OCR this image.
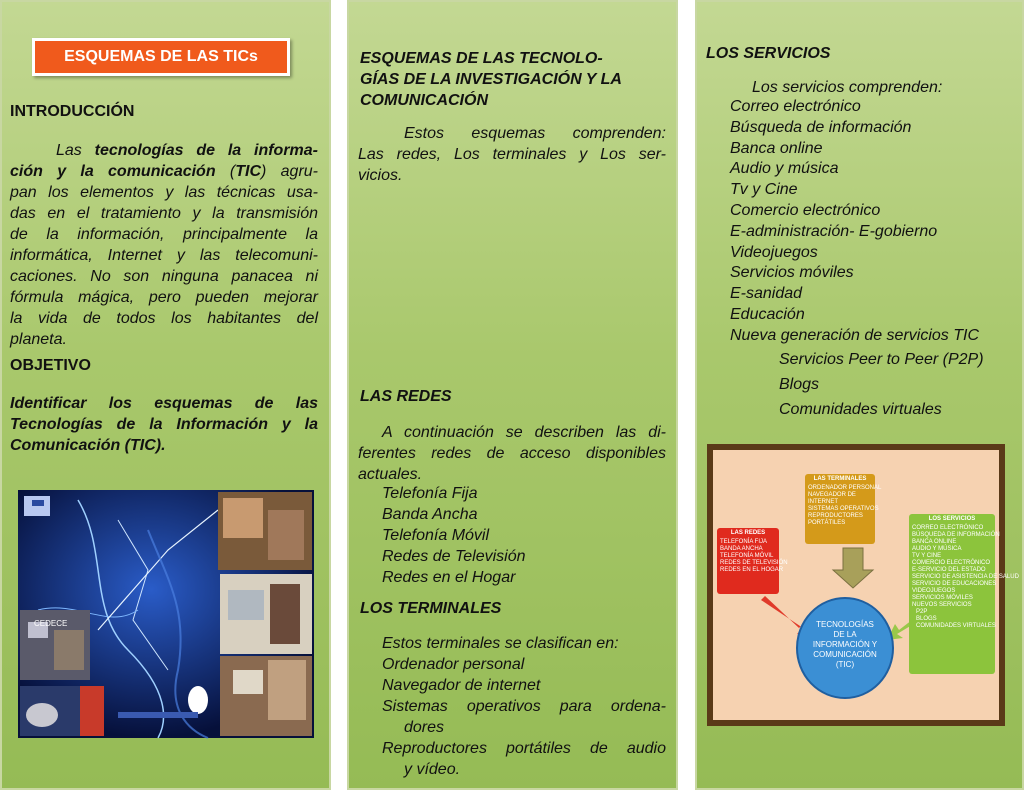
ESQUEMAS DE LAS TICs
INTRODUCCIÓN
Las tecnologías de la informa-
ción y la comunicación (TIC) agru-
pan los elementos y las técnicas usa-
das en el tratamiento y la transmisión
de la información, principalmente la
informática, Internet y las telecomuni-
caciones. No son ninguna panacea ni
fórmula mágica, pero pueden mejorar
la vida de todos los habitantes del
planeta.
OBJETIVO
Identificar los esquemas de las
Tecnologías de la Información y la
Comunicación (TIC).
CEDECE
ESQUEMAS DE LAS TECNOLO-
GÍAS DE LA INVESTIGACIÓN Y LA
COMUNICACIÓN
Estos esquemas comprenden:
Las redes, Los terminales y Los ser-
vicios.
LAS REDES
A continuación se describen las di-
ferentes redes de acceso disponibles
actuales.
Telefonía Fija
Banda Ancha
Telefonía Móvil
Redes de Televisión
Redes en el Hogar
LOS TERMINALES
Estos terminales se clasifican en:
Ordenador personal
Navegador de internet
Sistemas operativos para ordena-
dores
Reproductores portátiles de audio
y vídeo.
LOS SERVICIOS
Los servicios comprenden:
Correo electrónico
Búsqueda de información
Banca online
Audio y música
Tv y Cine
Comercio electrónico
E-administración- E-gobierno
Videojuegos
Servicios móviles
E-sanidad
Educación
Nueva generación de servicios TIC
Servicios Peer to Peer (P2P)
Blogs
Comunidades virtuales
LAS TERMINALES
ORDENADOR PERSONAL
NAVEGADOR DE
INTERNET
SISTEMAS OPERATIVOS
REPRODUCTORES
PORTÁTILES
LAS REDES
TELEFONÍA FIJA
BANDA ANCHA
TELEFONÍA MÓVIL
REDES DE TELEVISIÓN
REDES EN EL HOGAR
LOS SERVICIOS
CORREO ELECTRÓNICO
BÚSQUEDA DE INFORMACIÓN
BANCA ONLINE
AUDIO Y MÚSICA
TV Y CINE
COMERCIO ELECTRÓNICO
E-SERVICIO DEL ESTADO
SERVICIO DE ASISTENCIA DE SALUD
SERVICIO DE EDUCACIONES
VIDEOJUEGOS
SERVICIOS MÓVILES
NUEVOS SERVICIOS
P2P
BLOGS
COMUNIDADES VIRTUALES
TECNOLOGÍAS
DE LA
INFORMACIÓN Y
COMUNICACIÓN
(TIC)
